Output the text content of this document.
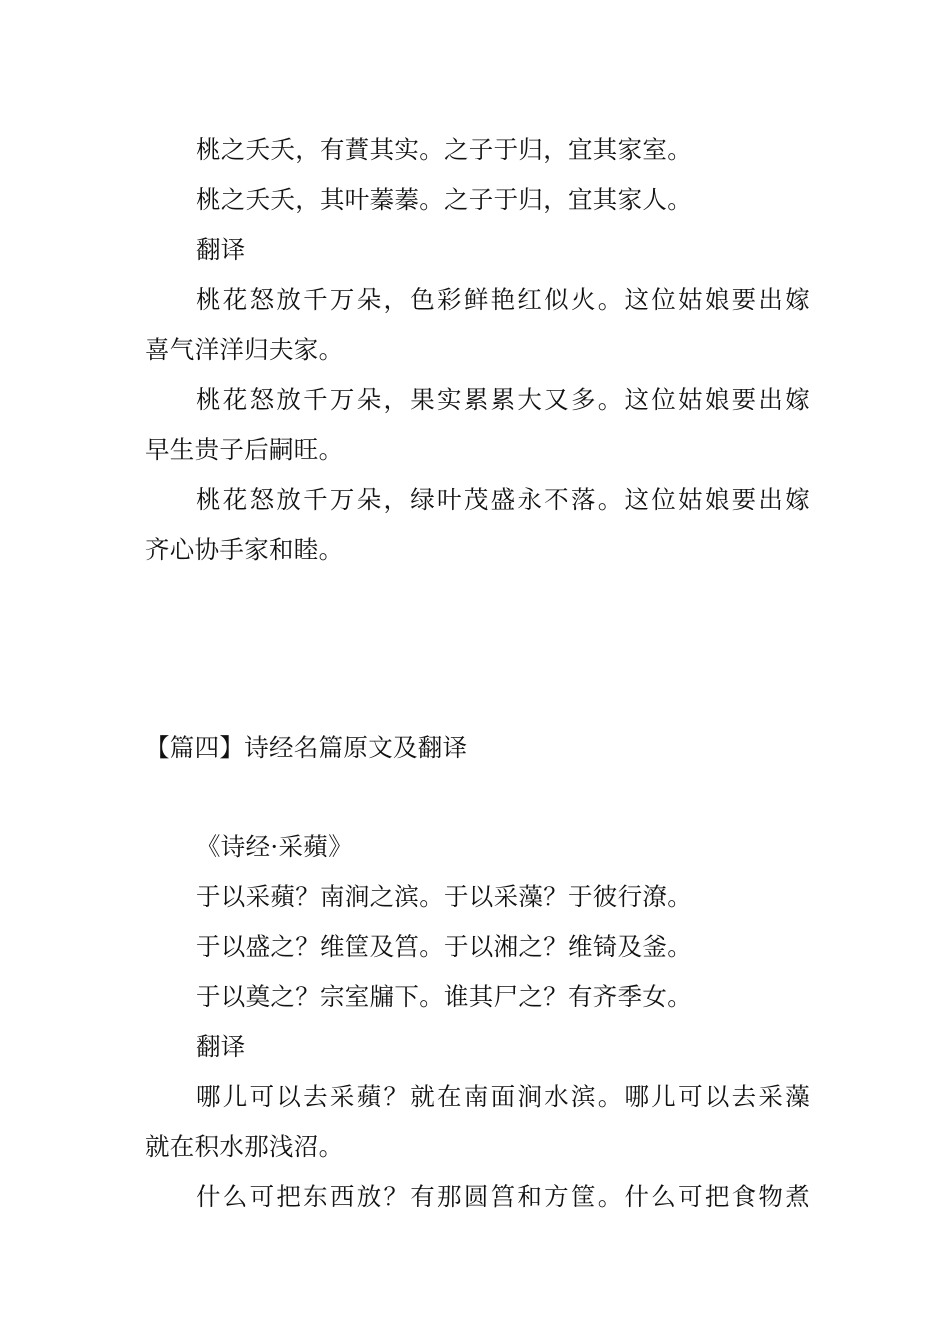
桃之夭夭，有蕡其实。之子于归，宜其家室。
桃之夭夭，其叶蓁蓁。之子于归，宜其家人。
翻译
桃花怒放千万朵，色彩鲜艳红似火。这位姑娘要出嫁
喜气洋洋归夫家。
桃花怒放千万朵，果实累累大又多。这位姑娘要出嫁
早生贵子后嗣旺。
桃花怒放千万朵，绿叶茂盛永不落。这位姑娘要出嫁
齐心协手家和睦。
【篇四】诗经名篇原文及翻译
《诗经·采蘋》
于以采蘋？南涧之滨。于以采藻？于彼行潦。
于以盛之？维筐及筥。于以湘之？维锜及釜。
于以奠之？宗室牖下。谁其尸之？有齐季女。
翻译
哪儿可以去采蘋？就在南面涧水滨。哪儿可以去采藻
就在积水那浅沼。
什么可把东西放？有那圆筥和方筐。什么可把食物煮
